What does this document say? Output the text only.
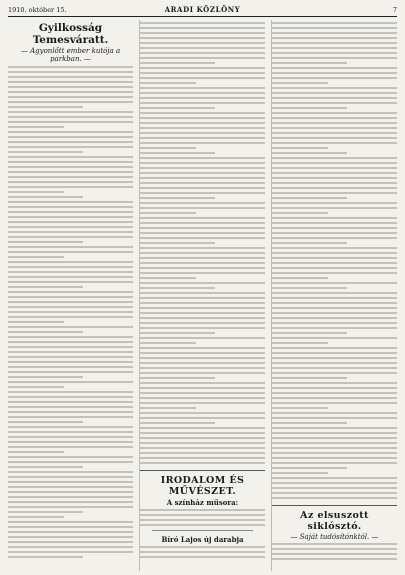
1910. október 15.	ARADI KÖZLÖNY	7
Gyilkosság Temesváratt.
— Agyonlőtt ember kutója a parkban. —
IRODALOM ÉS MŰVÉSZET.
A színház műsora:
Bíró Lajos új darabja
Az elsuszott siklósztó.
— Saját tudósítónktól. —
